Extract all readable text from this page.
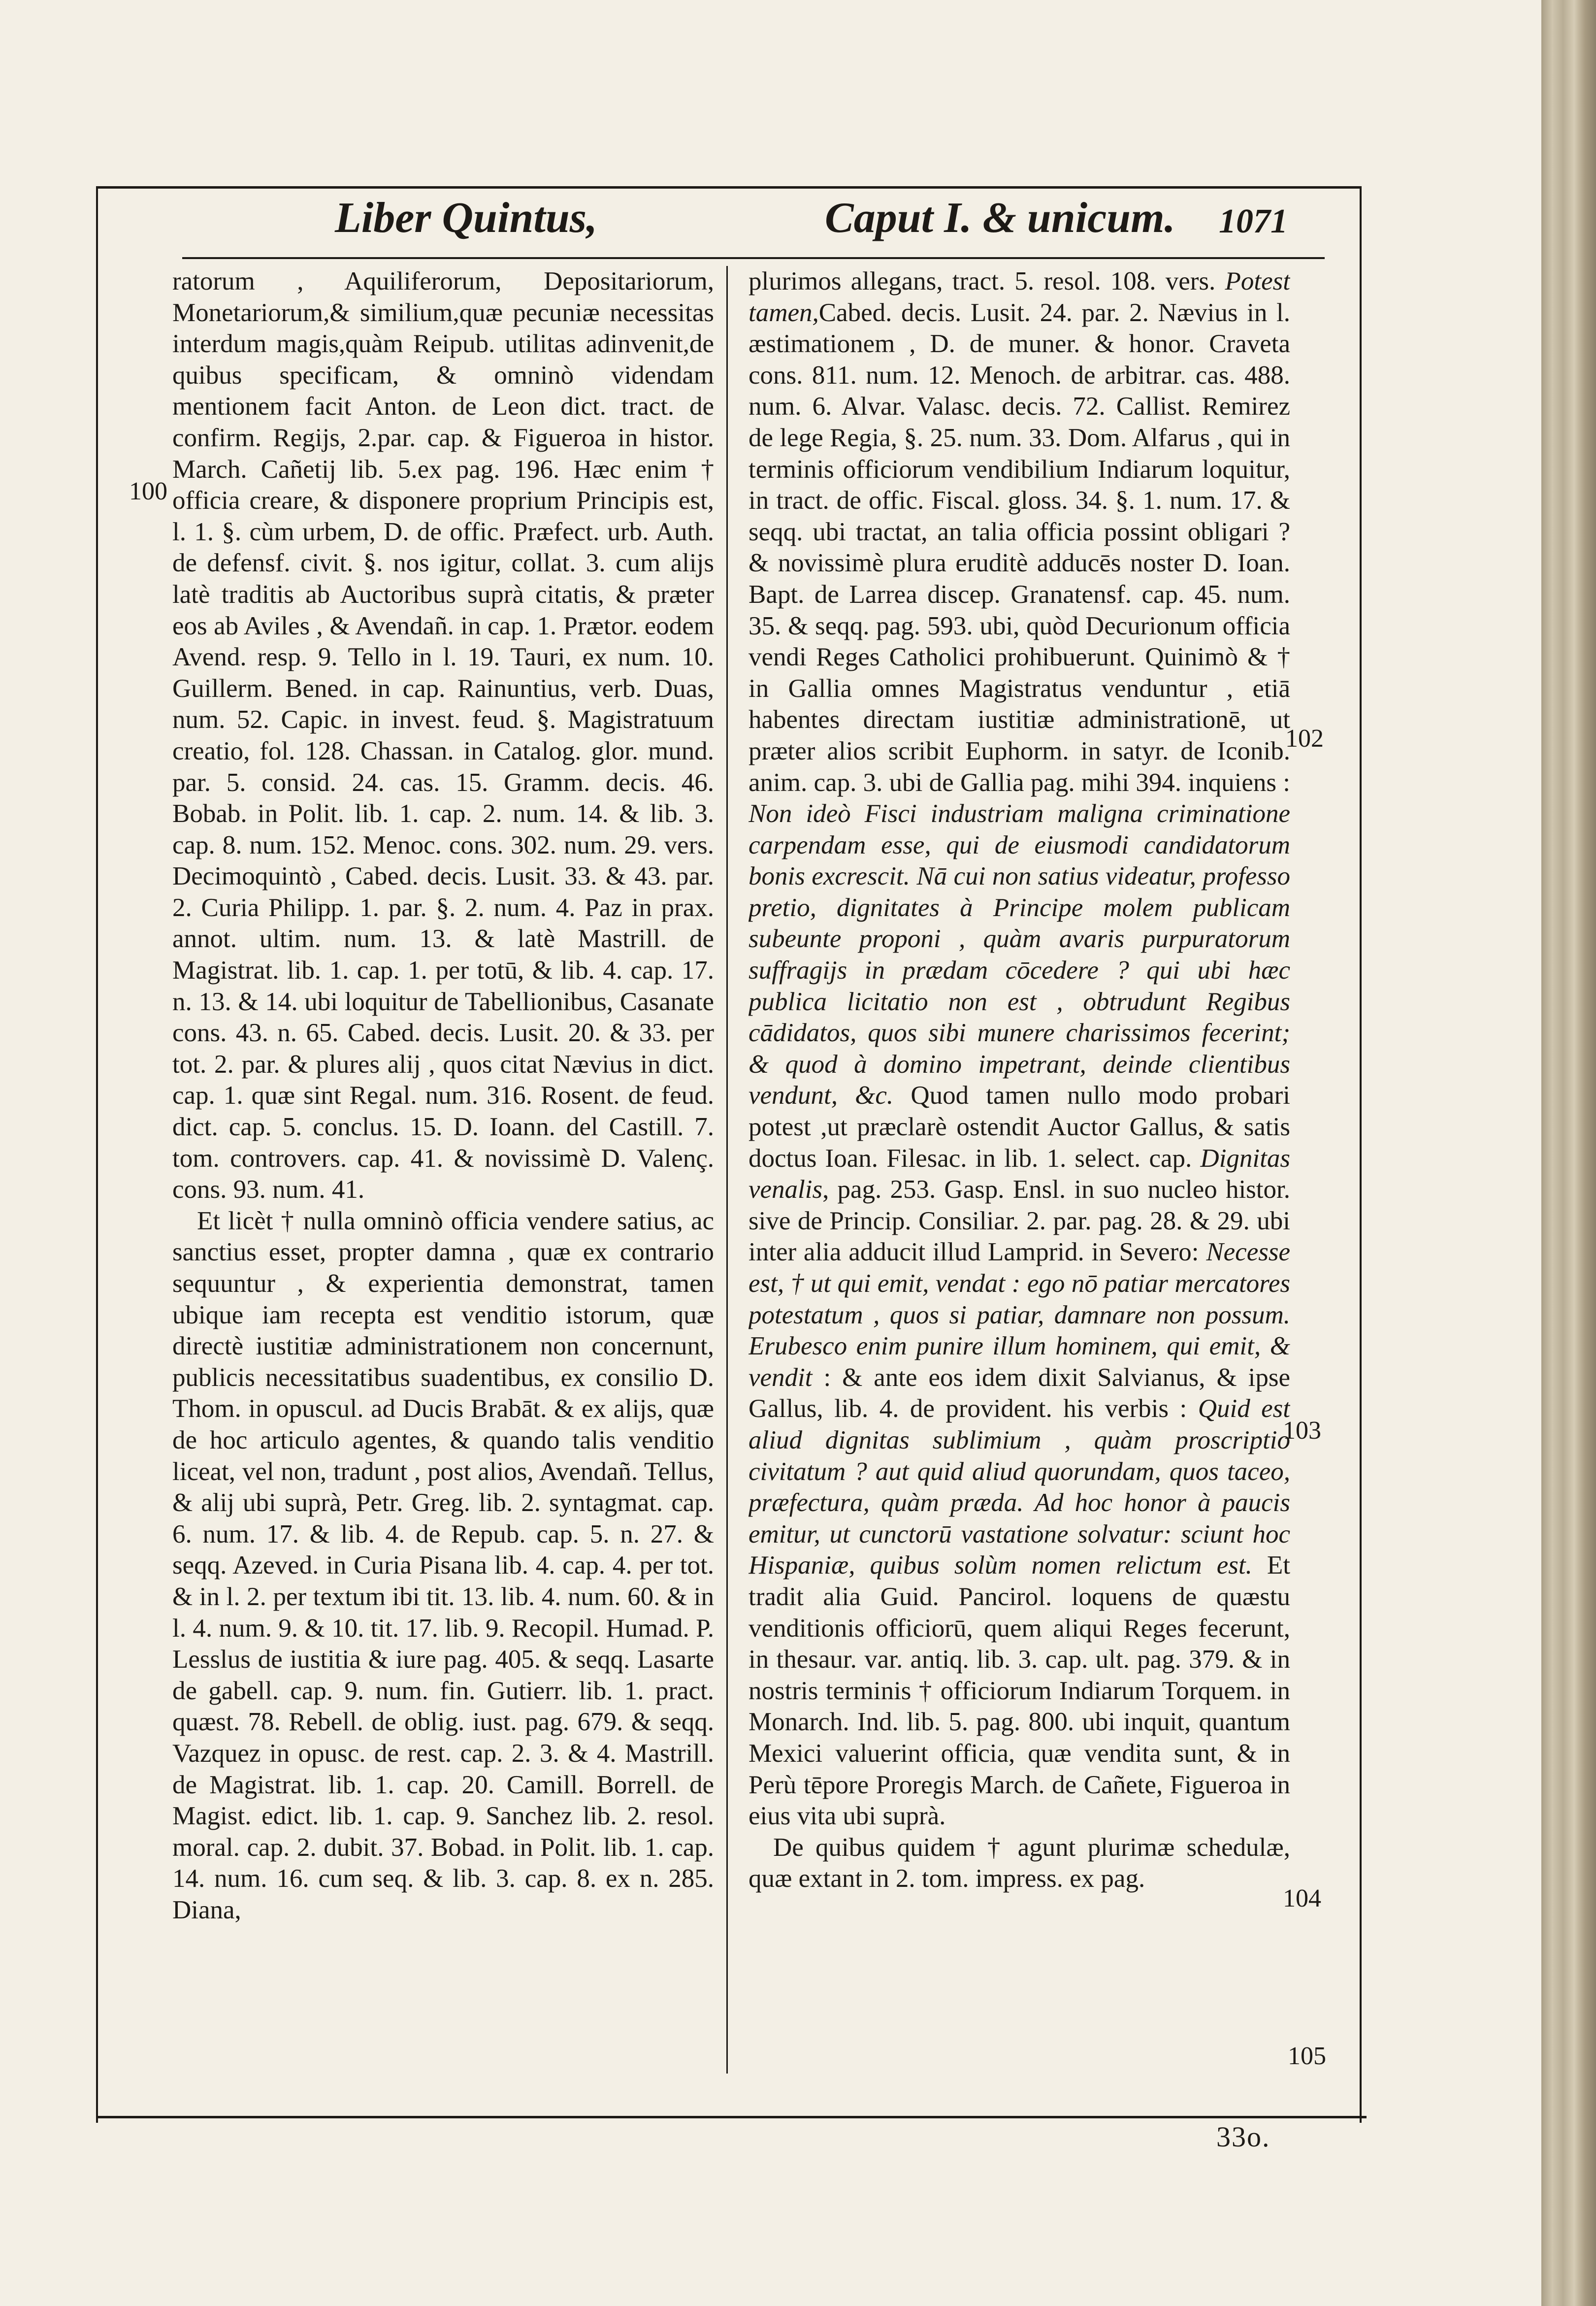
Liber Quintus,	Caput I. & unicum. 1071
100
102
103
104
105

ratorum , Aquiliferorum, Depositariorum, Monetariorum,& similium,quæ pecuniæ necessitas interdum magis,quàm Reipub. utilitas adinvenit,de quibus specificam, & omninò videndam mentionem facit Anton. de Leon dict. tract. de confirm. Regijs, 2.par. cap. & Figueroa in histor. March. Cañetij lib. 5.ex pag. 196. Hæc enim † officia creare, & disponere proprium Principis est, l. 1. §. cùm urbem, D. de offic. Præfect. urb. Auth. de defensf. civit. §. nos igitur, collat. 3. cum alijs latè traditis ab Auctoribus suprà citatis, & præter eos ab Aviles , & Avendañ. in cap. 1. Prætor. eodem Avend. resp. 9. Tello in l. 19. Tauri, ex num. 10. Guillerm. Bened. in cap. Rainuntius, verb. Duas, num. 52. Capic. in invest. feud. §. Magistratuum creatio, fol. 128. Chassan. in Catalog. glor. mund. par. 5. consid. 24. cas. 15. Gramm. decis. 46. Bobab. in Polit. lib. 1. cap. 2. num. 14. & lib. 3. cap. 8. num. 152. Menoc. cons. 302. num. 29. vers. Decimoquintò , Cabed. decis. Lusit. 33. & 43. par. 2. Curia Philipp. 1. par. §. 2. num. 4. Paz in prax. annot. ultim. num. 13. & latè Mastrill. de Magistrat. lib. 1. cap. 1. per totū, & lib. 4. cap. 17. n. 13. & 14. ubi loquitur de Tabellionibus, Casanate cons. 43. n. 65. Cabed. decis. Lusit. 20. & 33. per tot. 2. par. & plures alij , quos citat Nævius in dict. cap. 1. quæ sint Regal. num. 316. Rosent. de feud. dict. cap. 5. conclus. 15. D. Ioann. del Castill. 7. tom. controvers. cap. 41. & novissimè D. Valenç. cons. 93. num. 41.

Et licèt † nulla omninò officia vendere satius, ac sanctius esset, propter damna , quæ ex contrario sequuntur , & experientia demonstrat, tamen ubique iam recepta est venditio istorum, quæ directè iustitiæ administrationem non concernunt, publicis necessitatibus suadentibus, ex consilio D. Thom. in opuscul. ad Ducis Brabāt. & ex alijs, quæ de hoc articulo agentes, & quando talis venditio liceat, vel non, tradunt , post alios, Avendañ. Tellus, & alij ubi suprà, Petr. Greg. lib. 2. syntagmat. cap. 6. num. 17. & lib. 4. de Repub. cap. 5. n. 27. & seqq. Azeved. in Curia Pisana lib. 4. cap. 4. per tot. & in l. 2. per textum ibi tit. 13. lib. 4. num. 60. & in l. 4. num. 9. & 10. tit. 17. lib. 9. Recopil. Humad. P. Lesslus de iustitia & iure pag. 405. & seqq. Lasarte de gabell. cap. 9. num. fin. Gutierr. lib. 1. pract. quæst. 78. Rebell. de oblig. iust. pag. 679. & seqq. Vazquez in opusc. de rest. cap. 2. 3. & 4. Mastrill. de Magistrat. lib. 1. cap. 20. Camill. Borrell. de Magist. edict. lib. 1. cap. 9. Sanchez lib. 2. resol. moral. cap. 2. dubit. 37. Bobad. in Polit. lib. 1. cap. 14. num. 16. cum seq. & lib. 3. cap. 8. ex n. 285. Diana,

plurimos allegans, tract. 5. resol. 108. vers. Potest tamen,Cabed. decis. Lusit. 24. par. 2. Nævius in l. æstimationem , D. de muner. & honor. Craveta cons. 811. num. 12. Menoch. de arbitrar. cas. 488. num. 6. Alvar. Valasc. decis. 72. Callist. Remirez de lege Regia, §. 25. num. 33. Dom. Alfarus , qui in terminis officiorum vendibilium Indiarum loquitur, in tract. de offic. Fiscal. gloss. 34. §. 1. num. 17. & seqq. ubi tractat, an talia officia possint obligari ? & novissimè plura eruditè adducēs noster D. Ioan. Bapt. de Larrea discep. Granatensf. cap. 45. num. 35. & seqq. pag. 593. ubi, quòd Decurionum officia vendi Reges Catholici prohibuerunt. Quinimò & † in Gallia omnes Magistratus venduntur , etiā habentes directam iustitiæ administrationē, ut præter alios scribit Euphorm. in satyr. de Iconib. anim. cap. 3. ubi de Gallia pag. mihi 394. inquiens : Non ideò Fisci industriam maligna criminatione carpendam esse, qui de eiusmodi candidatorum bonis excrescit. Nā cui non satius videatur, professo pretio, dignitates à Principe molem publicam subeunte proponi , quàm avaris purpuratorum suffragijs in prædam cōcedere ? qui ubi hæc publica licitatio non est , obtrudunt Regibus cādidatos, quos sibi munere charissimos fecerint; & quod à domino impetrant, deinde clientibus vendunt, &c. Quod tamen nullo modo probari potest ,ut præclarè ostendit Auctor Gallus, & satis doctus Ioan. Filesac. in lib. 1. select. cap. Dignitas venalis, pag. 253. Gasp. Ensl. in suo nucleo histor. sive de Princip. Consiliar. 2. par. pag. 28. & 29. ubi inter alia adducit illud Lamprid. in Severo: Necesse est, † ut qui emit, vendat : ego nō patiar mercatores potestatum , quos si patiar, damnare non possum. Erubesco enim punire illum hominem, qui emit, & vendit : & ante eos idem dixit Salvianus, & ipse Gallus, lib. 4. de provident. his verbis : Quid est aliud dignitas sublimium , quàm proscriptio civitatum ? aut quid aliud quorundam, quos taceo, præfectura, quàm præda. Ad hoc honor à paucis emitur, ut cunctorū vastatione solvatur: sciunt hoc Hispaniæ, quibus solùm nomen relictum est. Et tradit alia Guid. Pancirol. loquens de quæstu venditionis officiorū, quem aliqui Reges fecerunt, in thesaur. var. antiq. lib. 3. cap. ult. pag. 379. & in nostris terminis † officiorum Indiarum Torquem. in Monarch. Ind. lib. 5. pag. 800. ubi inquit, quantum Mexici valuerint officia, quæ vendita sunt, & in Perù tēpore Proregis March. de Cañete, Figueroa in eius vita ubi suprà.

De quibus quidem † agunt plurimæ schedulæ, quæ extant in 2. tom. impress. ex pag.

33o.
